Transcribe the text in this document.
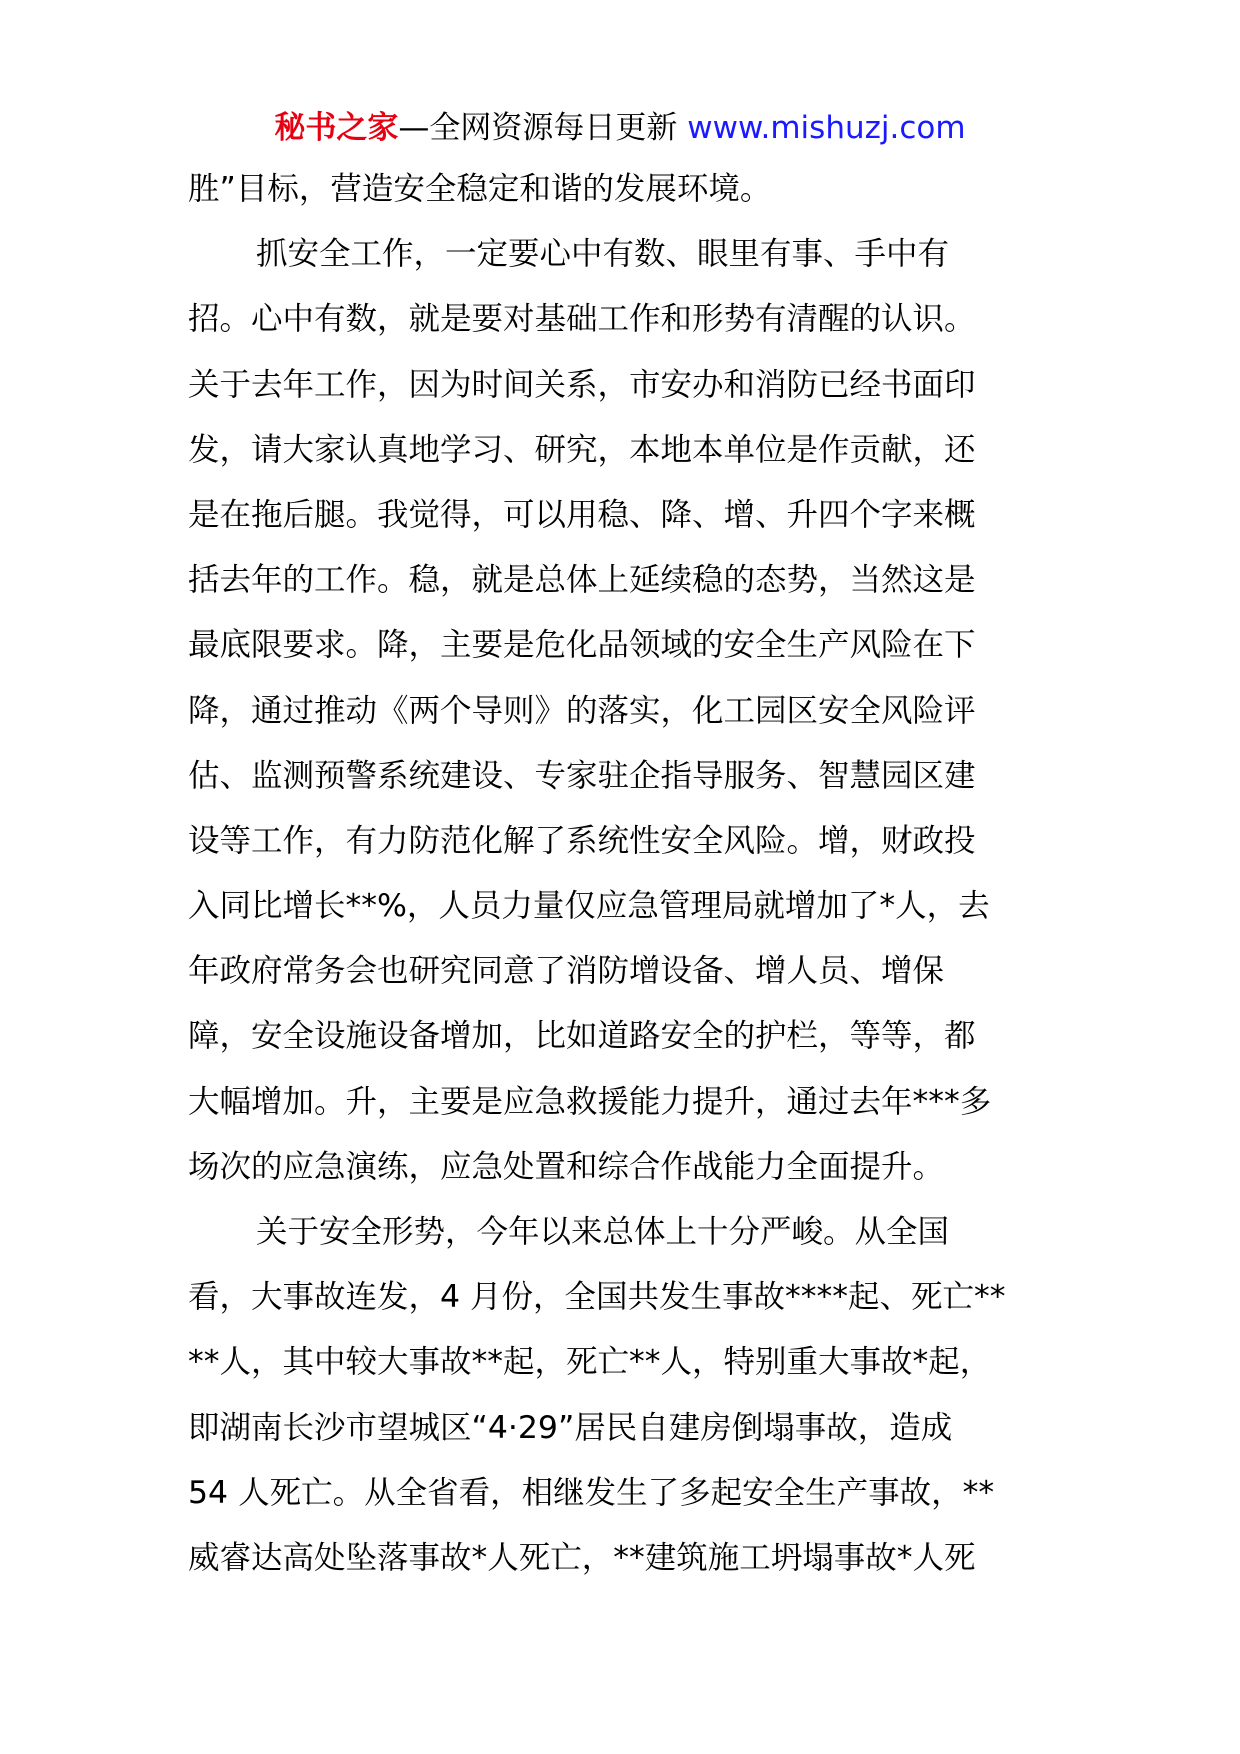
秘书之家—全网资源每日更新 www.mishuzj.com
胜”目标，营造安全稳定和谐的发展环境。
抓安全工作，一定要心中有数、眼里有事、手中有
招。心中有数，就是要对基础工作和形势有清醒的认识。
关于去年工作，因为时间关系，市安办和消防已经书面印
发，请大家认真地学习、研究，本地本单位是作贡献，还
是在拖后腿。我觉得，可以用稳、降、增、升四个字来概
括去年的工作。稳，就是总体上延续稳的态势，当然这是
最底限要求。降，主要是危化品领域的安全生产风险在下
降，通过推动《两个导则》的落实，化工园区安全风险评
估、监测预警系统建设、专家驻企指导服务、智慧园区建
设等工作，有力防范化解了系统性安全风险。增，财政投
入同比增长**%，人员力量仅应急管理局就增加了*人，去
年政府常务会也研究同意了消防增设备、增人员、增保
障，安全设施设备增加，比如道路安全的护栏，等等，都
大幅增加。升，主要是应急救援能力提升，通过去年***多
场次的应急演练，应急处置和综合作战能力全面提升。
关于安全形势，今年以来总体上十分严峻。从全国
看，大事故连发，4 月份，全国共发生事故****起、死亡**
**人，其中较大事故**起，死亡**人，特别重大事故*起，
即湖南长沙市望城区“4·29”居民自建房倒塌事故，造成
54 人死亡。从全省看，相继发生了多起安全生产事故，**
威睿达高处坠落事故*人死亡，**建筑施工坍塌事故*人死
